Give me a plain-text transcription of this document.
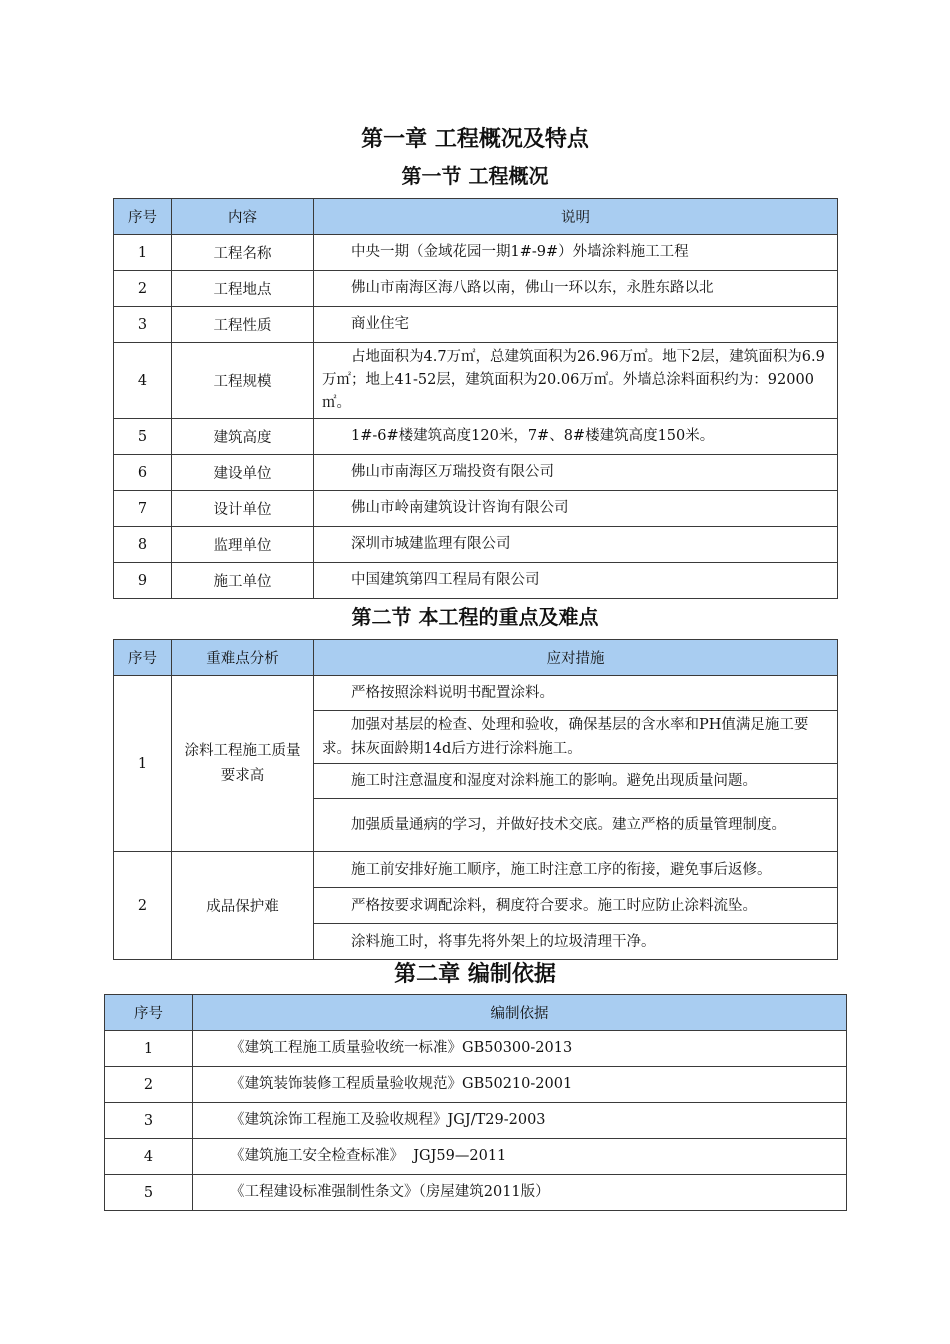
第一章 工程概况及特点
第一节 工程概况
序号	内容	说明
1	工程名称	中央一期（金域花园一期1#-9#）外墙涂料施工工程
2	工程地点	佛山市南海区海八路以南，佛山一环以东，永胜东路以北
3	工程性质	商业住宅
4	工程规模	占地面积为4.7万㎡，总建筑面积为26.96万㎡。地下2层，建筑面积为6.9万㎡；地上41-52层，建筑面积为20.06万㎡。外墙总涂料面积约为：92000㎡。
5	建筑高度	1#-6#楼建筑高度120米，7#、8#楼建筑高度150米。
6	建设单位	佛山市南海区万瑞投资有限公司
7	设计单位	佛山市岭南建筑设计咨询有限公司
8	监理单位	深圳市城建监理有限公司
9	施工单位	中国建筑第四工程局有限公司
第二节 本工程的重点及难点
序号	重难点分析	应对措施
1	涂料工程施工质量要求高	严格按照涂料说明书配置涂料。
		加强对基层的检查、处理和验收，确保基层的含水率和PH值满足施工要求。抹灰面龄期14d后方进行涂料施工。
		施工时注意温度和湿度对涂料施工的影响。避免出现质量问题。
		加强质量通病的学习，并做好技术交底。建立严格的质量管理制度。
2	成品保护难	施工前安排好施工顺序，施工时注意工序的衔接，避免事后返修。
		严格按要求调配涂料，稠度符合要求。施工时应防止涂料流坠。
		涂料施工时，将事先将外架上的垃圾清理干净。
第二章 编制依据
序号	编制依据
1	《建筑工程施工质量验收统一标准》GB50300-2013
2	《建筑装饰装修工程质量验收规范》GB50210-2001
3	《建筑涂饰工程施工及验收规程》JGJ/T29-2003
4	《建筑施工安全检查标准》  JGJ59—2011
5	《工程建设标准强制性条文》（房屋建筑2011版）
